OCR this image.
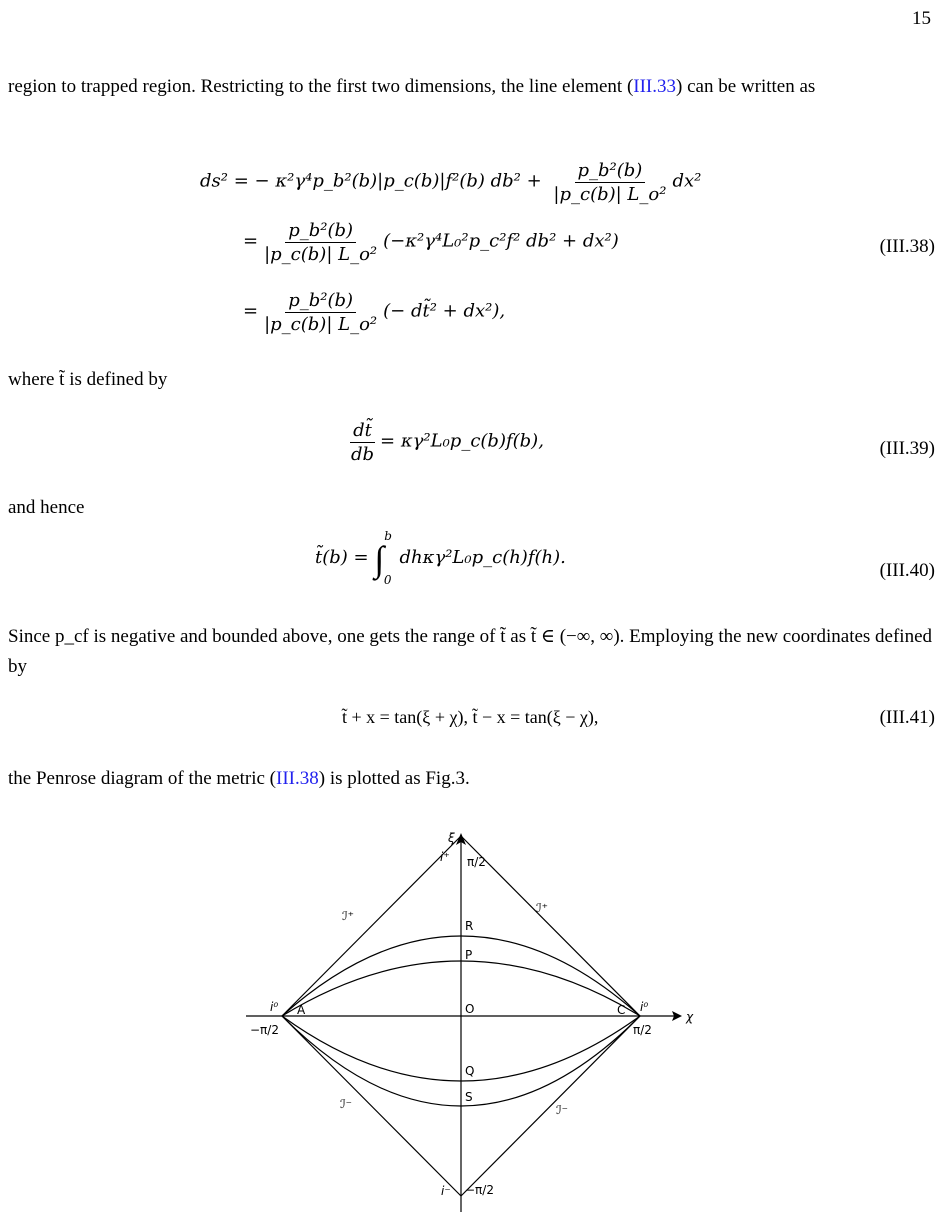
15
region to trapped region. Restricting to the first two dimensions, the line element (III.33) can be written as
ds² = − κ²γ⁴p_b²(b)|p_c(b)|f²(b) $db^2 + \frac{\text{p\_b²(b)}}{\text{|p\_c(b)| L\_o²}} dx^2$
= $\frac{\text{p\_b²(b)}}{\text{|p\_c(b)| L\_o²}}$ (−κ²γ⁴L₀²p_c²f² db² + dx²)	(III.38)
= $\frac{\text{p\_b²(b)}}{\text{|p\_c(b)| L\_o²}}$ (− dt̃² + dx²),
where t̃ is defined by
$\frac{dt̃}{db}$ = κγ²L₀p_c(b)f(b),	(III.39)
and hence
t̃(b) = ∫$^b_0$dhκγ²L₀p_c(h)f(h).
(III.40)
Since p_cf is negative and bounded above, one gets the range of t̃ as t̃ ∈ (−∞, ∞). Employing the new coordinates defined by
t̃ + x = tan(ξ + χ), t̃ − x = tan(ξ − χ),	(III.41)
the Penrose diagram of the metric (III.38) is plotted as Fig.3.
ξ
χ
i⁺ π/2
i⁻ −π/2
i⁰
−π/2
i⁰
π/2
ℐ⁺
ℐ⁺
ℐ⁻	ℐ⁻
R
P
O
Q
S
A	C
